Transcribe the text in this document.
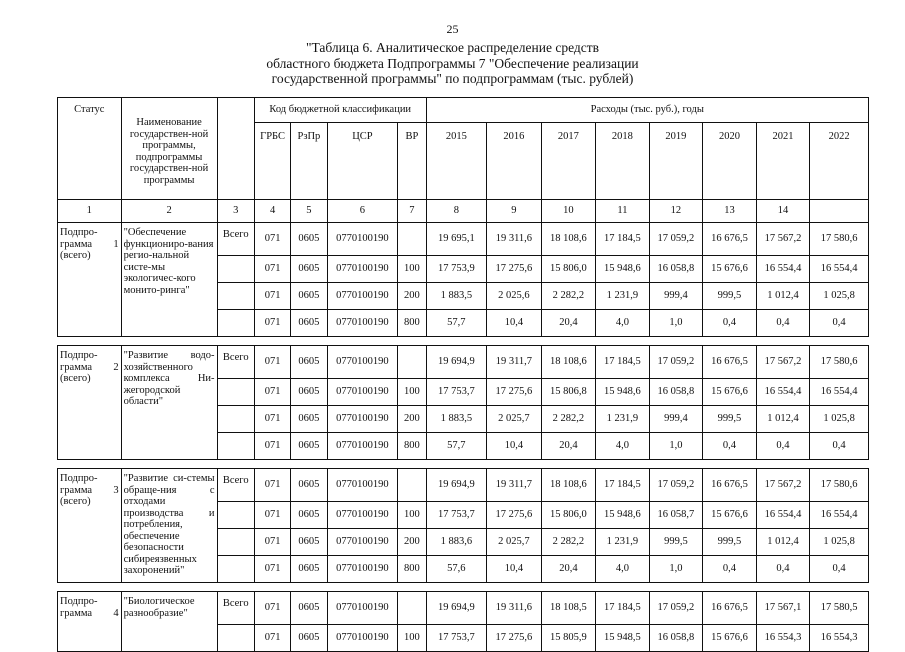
25
"Таблица 6. Аналитическое распределение средств
областного бюджета Подпрограммы 7 "Обеспечение реализации
государственной программы" по подпрограммам (тыс. рублей)
Статус	Наименование государствен-ной программы, подпрограммы государствен-ной программы		Код бюджетной классификации				Расходы (тыс. руб.), годы							
			ГРБС	РзПр	ЦСР	ВР	2015	2016	2017	2018	2019	2020	2021	2022
1	2	3	4	5	6	7	8	9	10	11	12	13	14	
Подпро-грамма 1 (всего)	"Обеспечение функциониро-вания регио-нальной систе-мы экологичес-кого монито-ринга"	Всего	071	0605	0770100190		19 695,1	19 311,6	18 108,6	17 184,5	17 059,2	16 676,5	17 567,2	17 580,6
			071	0605	0770100190	100	17 753,9	17 275,6	15 806,0	15 948,6	16 058,8	15 676,6	16 554,4	16 554,4
			071	0605	0770100190	200	1 883,5	2 025,6	2 282,2	1 231,9	999,4	999,5	1 012,4	1 025,8
			071	0605	0770100190	800	57,7	10,4	20,4	4,0	1,0	0,4	0,4	0,4

Подпро-грамма 2 (всего)	"Развитие водо-хозяйственного комплекса Ни-жегородской области"	Всего	071	0605	0770100190		19 694,9	19 311,7	18 108,6	17 184,5	17 059,2	16 676,5	17 567,2	17 580,6
			071	0605	0770100190	100	17 753,7	17 275,6	15 806,8	15 948,6	16 058,8	15 676,6	16 554,4	16 554,4
			071	0605	0770100190	200	1 883,5	2 025,7	2 282,2	1 231,9	999,4	999,5	1 012,4	1 025,8
			071	0605	0770100190	800	57,7	10,4	20,4	4,0	1,0	0,4	0,4	0,4

Подпро-грамма 3 (всего)	"Развитие си-стемы обраще-ния с отходами производства и потребления, обеспечение безопасности сибиреязвенных захоронений"	Всего	071	0605	0770100190		19 694,9	19 311,7	18 108,6	17 184,5	17 059,2	16 676,5	17 567,2	17 580,6
			071	0605	0770100190	100	17 753,7	17 275,6	15 806,0	15 948,6	16 058,7	15 676,6	16 554,4	16 554,4
			071	0605	0770100190	200	1 883,6	2 025,7	2 282,2	1 231,9	999,5	999,5	1 012,4	1 025,8
			071	0605	0770100190	800	57,6	10,4	20,4	4,0	1,0	0,4	0,4	0,4

Подпро-грамма 4	"Биологическое разнообразие"	Всего	071	0605	0770100190		19 694,9	19 311,6	18 108,5	17 184,5	17 059,2	16 676,5	17 567,1	17 580,5
			071	0605	0770100190	100	17 753,7	17 275,6	15 805,9	15 948,5	16 058,8	15 676,6	16 554,3	16 554,3
